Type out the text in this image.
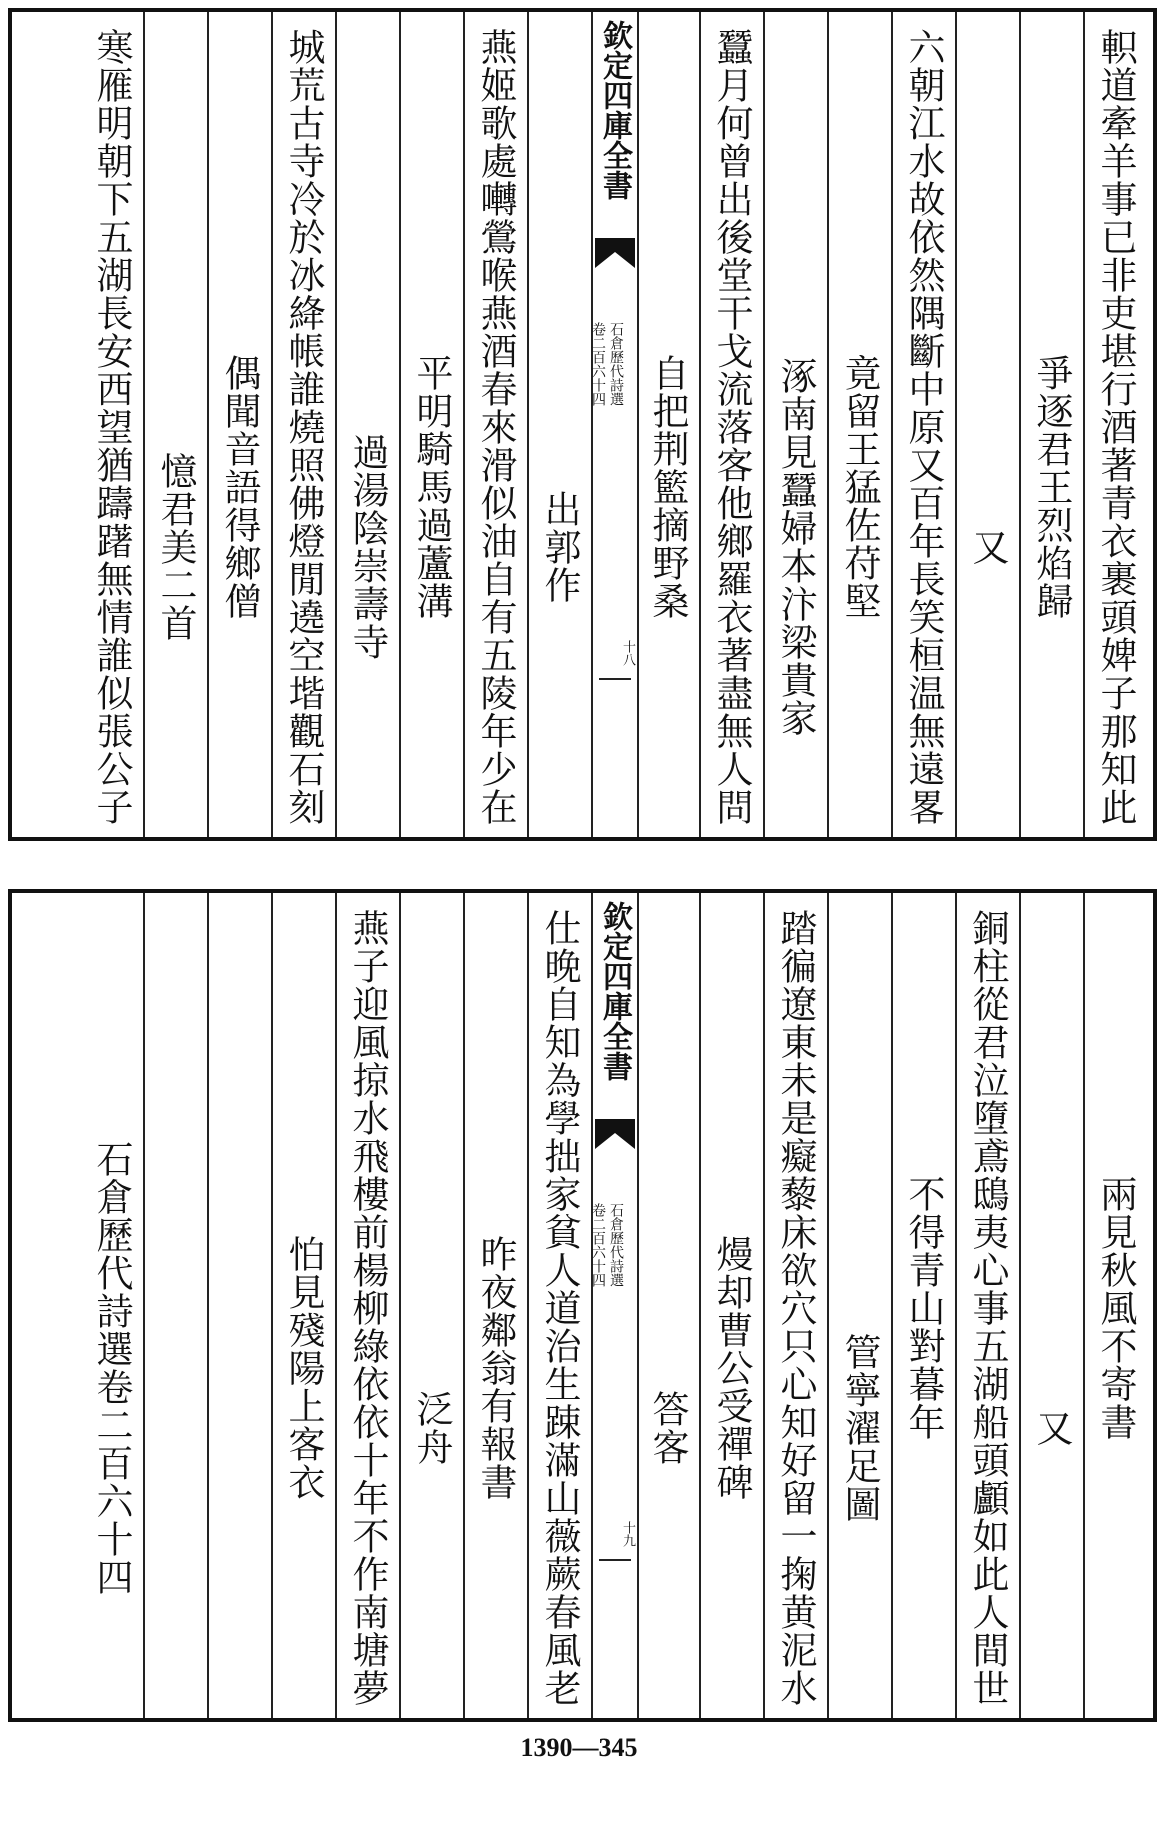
欽定四庫全書
石倉歷代詩選
卷二百六十四
十八	軹道牽羊事已非吏堪行酒著青衣裹頭婢子那知此
爭逐君王烈焰歸
又
六朝江水故依然隅斷中原又百年長笑桓温無遠畧
竟留王猛佐苻堅
涿南見蠶婦本汴梁貴家
蠶月何曾出後堂干戈流落客他鄉羅衣著盡無人問
自把荆籃摘野桑
出郭作
燕姬歌處囀鶯喉燕酒春來滑似油自有五陵年少在
平明騎馬過蘆溝
過湯陰崇壽寺
城荒古寺冷於冰絳帳誰燒照佛燈閒遶空堦觀石刻
偶聞音語得鄉僧
憶君美二首
寒雁明朝下五湖長安西望猶躊躇無情誰似張公子
欽定四庫全書
石倉歷代詩選
卷二百六十四
十九
兩見秋風不寄書
又
銅柱從君泣墮鳶鴟夷心事五湖船頭顱如此人間世
不得青山對暮年
管寧濯足圖
踏徧遼東未是癡藜床欲穴只心知好留一掬黄泥水
熳却曹公受禪碑
答客
仕晚自知為學拙家貧人道治生踈滿山薇蕨春風老
昨夜鄰翁有報書
泛舟
燕子迎風掠水飛樓前楊柳綠依依十年不作南塘夢
怕見殘陽上客衣
石倉歷代詩選卷二百六十四
1390—345
